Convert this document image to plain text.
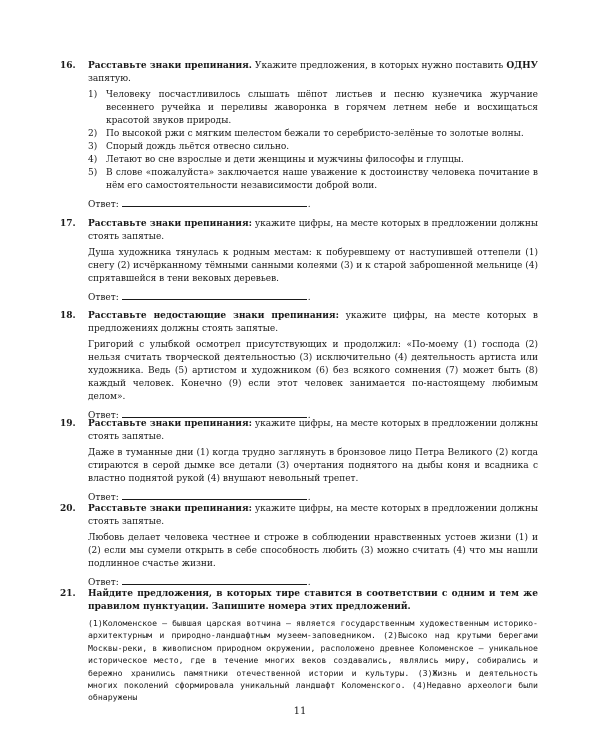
16. Расставьте знаки препинания. Укажите предложения, в которых нужно поставить ОДНУ запятую.

1) Человеку посчастливилось слышать шёпот листьев и песню кузнечика журчание весеннего ручейка и переливы жаворонка в горячем летнем небе и восхищаться красотой звуков природы.
2) По высокой ржи с мягким шелестом бежали то серебристо-зелёные то золотые волны.
3) Спорый дождь льётся отвесно сильно.
4) Летают во сне взрослые и дети женщины и мужчины философы и глупцы.
5) В слове «пожалуйста» заключается наше уважение к достоинству человека почитание в нём его самостоятельности независимости доброй воли.
Ответ:	.
17. Расставьте знаки препинания: укажите цифры, на месте которых в предложении должны стоять запятые.

Душа художника тянулась к родным местам: к побуревшему от наступившей оттепели (1) снегу (2) исчёрканному тёмными санными колеями (3) и к старой заброшенной мельнице (4) спрятавшейся в тени вековых деревьев.

Ответ:	.
18. Расставьте недостающие знаки препинания: укажите цифры, на месте которых в предложениях должны стоять запятые.

Григорий с улыбкой осмотрел присутствующих и продолжил: «По-моему (1) господа (2) нельзя считать творческой деятельностью (3) исключительно (4) деятельность артиста или художника. Ведь (5) артистом и художником (6) без всякого сомнения (7) может быть (8) каждый человек. Конечно (9) если этот человек занимается по-настоящему любимым делом».

Ответ:	.
19. Расставьте знаки препинания: укажите цифры, на месте которых в предложении должны стоять запятые.

Даже в туманные дни (1) когда трудно заглянуть в бронзовое лицо Петра Великого (2) когда стираются в серой дымке все детали (3) очертания поднятого на дыбы коня и всадника с властно поднятой рукой (4) внушают невольный трепет.

Ответ:	.
20. Расставьте знаки препинания: укажите цифры, на месте которых в предложении должны стоять запятые.

Любовь делает человека честнее и строже в соблюдении нравственных устоев жизни (1) и (2) если мы сумели открыть в себе способность любить (3) можно считать (4) что мы нашли подлинное счастье жизни.

Ответ:	.
21. Найдите предложения, в которых тире ставится в соответствии с одним и тем же правилом пунктуации. Запишите номера этих предложений.

(1)Коломенское — бывшая царская вотчина — является государственным художественным историко-архитектурным и природно-ландшафтным музеем-заповедником. (2)Высоко над крутыми берегами Москвы-реки, в живописном природном окружении, расположено древнее Коломенское — уникальное историческое место, где в течение многих веков создавались, являлись миру, собирались и бережно хранились памятники отечественной истории и культуры. (3)Жизнь и деятельность многих поколений сформировала уникальный ландшафт Коломенского. (4)Недавно археологи были обнаружены

11
